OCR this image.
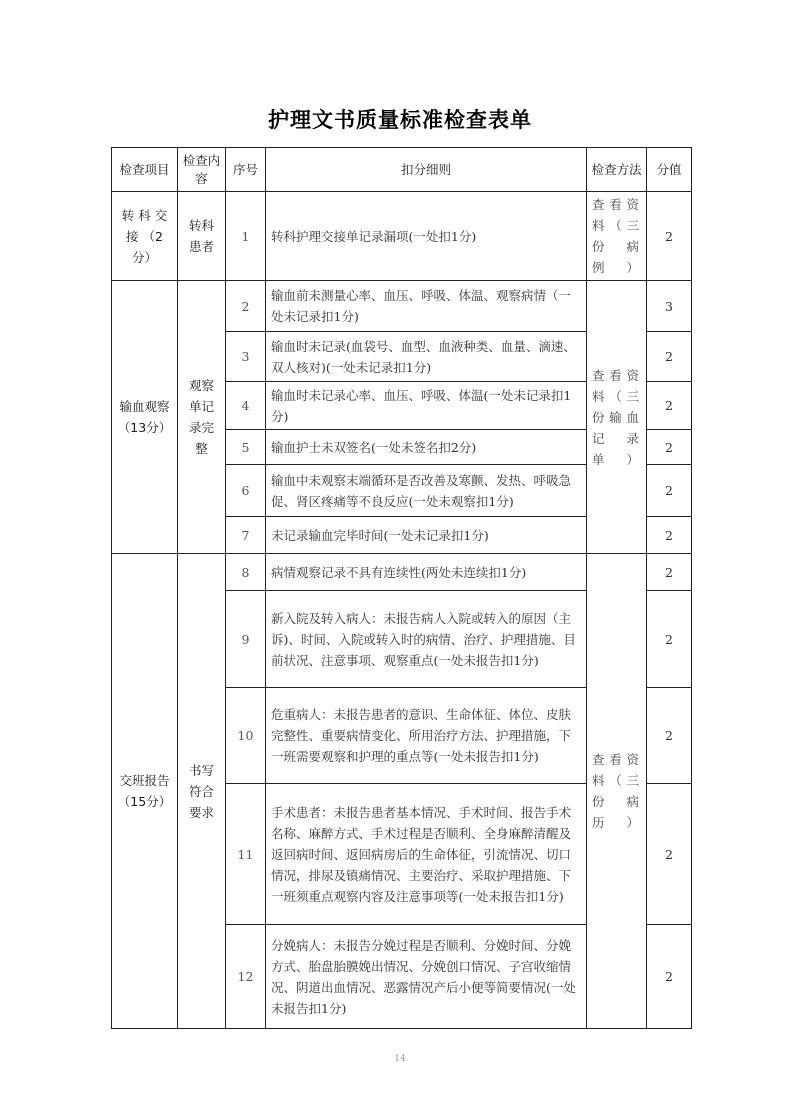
护理文书质量标准检查表单
检查项目	检查内容	序号	扣分细则	检查方法	分值
转 科 交 接 （2 分）	转科患者	1	转科护理交接单记录漏项(一处扣1分)	查看资料（三份病例）	2
输血观察（13分）	观察单记录完整	2	输血前未测量心率、血压、呼吸、体温、观察病情（一处未记录扣1分)	查看资料（三份输血记录单）	3
		3	输血时未记录(血袋号、血型、血液种类、血量、滴速、双人核对)(一处未记录扣1分)		2
		4	输血时未记录心率、血压、呼吸、体温(一处未记录扣1分)		2
		5	输血护士未双签名(一处未签名扣2分)		2
		6	输血中未观察末端循环是否改善及寒颤、发热、呼吸急促、肾区疼痛等不良反应(一处未观察扣1分)		2
		7	未记录输血完毕时间(一处未记录扣1分)		2
交班报告（15分）	书写符合要求	8	病情观察记录不具有连续性(两处未连续扣1分)	查看资料（三份病历）	2
		9	新入院及转入病人：未报告病人入院或转入的原因（主诉)、时间、入院或转入时的病情、治疗、护理措施、目前状况、注意事项、观察重点(一处未报告扣1分)		2
		10	危重病人：未报告患者的意识、生命体征、体位、皮肤完整性、重要病情变化、所用治疗方法、护理措施，下一班需要观察和护理的重点等(一处未报告扣1分)		2
		11	手术患者：未报告患者基本情况、手术时间、报告手术名称、麻醉方式、手术过程是否顺利、全身麻醉清醒及返回病时间、返回病房后的生命体征，引流情况、切口情况，排尿及镇痛情况、主要治疗、采取护理措施、下一班须重点观察内容及注意事项等(一处未报告扣1分)		2
		12	分娩病人：未报告分娩过程是否顺利、分娩时间、分娩方式、胎盘胎膜娩出情况、分娩创口情况、子宫收缩情况、阴道出血情况、恶露情况产后小便等简要情况(一处未报告扣1分)		2
14
